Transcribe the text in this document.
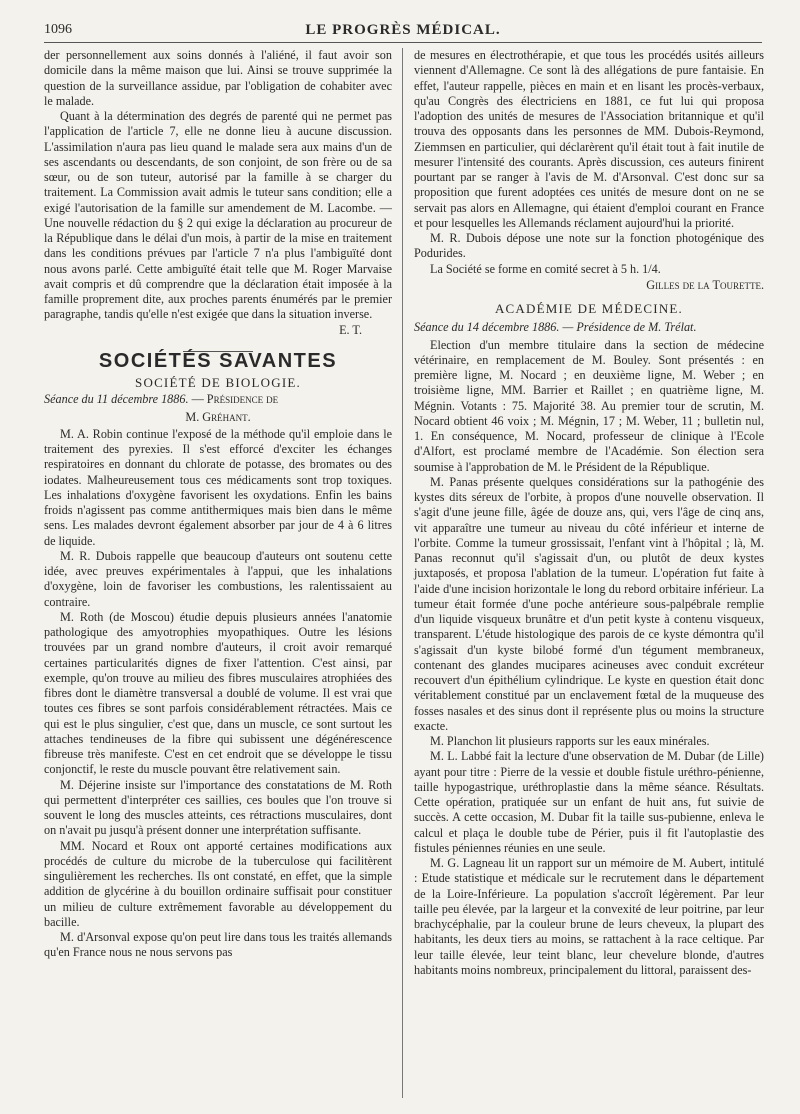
1096	LE PROGRÈS MÉDICAL.

der personnellement aux soins donnés à l'aliéné, il faut avoir son domicile dans la même maison que lui. Ainsi se trouve supprimée la question de la surveillance assidue, par l'obligation de cohabiter avec le malade.

Quant à la détermination des degrés de parenté qui ne permet pas l'application de l'article 7, elle ne donne lieu à aucune discussion. L'assimilation n'aura pas lieu quand le malade sera aux mains d'un de ses ascendants ou descendants, de son conjoint, de son frère ou de sa sœur, ou de son tuteur, autorisé par la famille à se charger du traitement. La Commission avait admis le tuteur sans condition; elle a exigé l'autorisation de la famille sur amendement de M. Lacombe. — Une nouvelle rédaction du § 2 qui exige la déclaration au procureur de la République dans le délai d'un mois, à partir de la mise en traitement dans les conditions prévues par l'article 7 n'a plus l'ambiguïté dont nous avons parlé. Cette ambiguïté était telle que M. Roger Marvaise avait compris et dû comprendre que la déclaration était imposée à la famille proprement dite, aux proches parents énumérés par le premier paragraphe, tandis qu'elle n'est exigée que dans la situation inverse.

E. T.

SOCIÉTÉS SAVANTES
SOCIÉTÉ DE BIOLOGIE.

Séance du 11 décembre 1886. — Présidence de

M. Gréhant.

M. A. Robin continue l'exposé de la méthode qu'il emploie dans le traitement des pyrexies. Il s'est efforcé d'exciter les échanges respiratoires en donnant du chlorate de potasse, des bromates ou des iodates. Malheureusement tous ces médicaments sont trop toxiques. Les inhalations d'oxygène favorisent les oxydations. Enfin les bains froids n'agissent pas comme antithermiques mais bien dans le même sens. Les malades devront également absorber par jour de 4 à 6 litres de liquide.

M. R. Dubois rappelle que beaucoup d'auteurs ont soutenu cette idée, avec preuves expérimentales à l'appui, que les inhalations d'oxygène, loin de favoriser les combustions, les ralentissaient au contraire.

M. Roth (de Moscou) étudie depuis plusieurs années l'anatomie pathologique des amyotrophies myopathiques. Outre les lésions trouvées par un grand nombre d'auteurs, il croit avoir remarqué certaines particularités dignes de fixer l'attention. C'est ainsi, par exemple, qu'on trouve au milieu des fibres musculaires atrophiées des fibres dont le diamètre transversal a doublé de volume. Il est vrai que toutes ces fibres se sont parfois considérablement rétractées. Mais ce qui est le plus singulier, c'est que, dans un muscle, ce sont surtout les attaches tendineuses de la fibre qui subissent une dégénérescence fibreuse très manifeste. C'est en cet endroit que se développe le tissu conjonctif, le reste du muscle pouvant être relativement sain.

M. Déjerine insiste sur l'importance des constatations de M. Roth qui permettent d'interpréter ces saillies, ces boules que l'on trouve si souvent le long des muscles atteints, ces rétractions musculaires, dont on n'avait pu jusqu'à présent donner une interprétation suffisante.

MM. Nocard et Roux ont apporté certaines modifications aux procédés de culture du microbe de la tuberculose qui facilitèrent singulièrement les recherches. Ils ont constaté, en effet, que la simple addition de glycérine à du bouillon ordinaire suffisait pour constituer un milieu de culture extrêmement favorable au développement du bacille.

M. d'Arsonval expose qu'on peut lire dans tous les traités allemands qu'en France nous ne nous servons pas

de mesures en électrothérapie, et que tous les procédés usités ailleurs viennent d'Allemagne. Ce sont là des allégations de pure fantaisie. En effet, l'auteur rappelle, pièces en main et en lisant les procès-verbaux, qu'au Congrès des électriciens en 1881, ce fut lui qui proposa l'adoption des unités de mesures de l'Association britannique et qu'il trouva des opposants dans les personnes de MM. Dubois-Reymond, Ziemmsen en particulier, qui déclarèrent qu'il était tout à fait inutile de mesurer l'intensité des courants. Après discussion, ces auteurs finirent pourtant par se ranger à l'avis de M. d'Arsonval. C'est donc sur sa proposition que furent adoptées ces unités de mesure dont on ne se servait pas alors en Allemagne, qui étaient d'emploi courant en France et pour lesquelles les Allemands réclament aujourd'hui la priorité.

M. R. Dubois dépose une note sur la fonction photogénique des Podurides.

La Société se forme en comité secret à 5 h. 1/4.

Gilles de la Tourette.

ACADÉMIE DE MÉDECINE.

Séance du 14 décembre 1886. — Présidence de M. Trélat.

Election d'un membre titulaire dans la section de médecine vétérinaire, en remplacement de M. Bouley. Sont présentés : en première ligne, M. Nocard ; en deuxième ligne, M. Weber ; en troisième ligne, MM. Barrier et Raillet ; en quatrième ligne, M. Mégnin. Votants : 75. Majorité 38. Au premier tour de scrutin, M. Nocard obtient 46 voix ; M. Mégnin, 17 ; M. Weber, 11 ; bulletin nul, 1. En conséquence, M. Nocard, professeur de clinique à l'Ecole d'Alfort, est proclamé membre de l'Académie. Son élection sera soumise à l'approbation de M. le Président de la République.

M. Panas présente quelques considérations sur la pathogénie des kystes dits séreux de l'orbite, à propos d'une nouvelle observation. Il s'agit d'une jeune fille, âgée de douze ans, qui, vers l'âge de cinq ans, vit apparaître une tumeur au niveau du côté inférieur et interne de l'orbite. Comme la tumeur grossissait, l'enfant vint à l'hôpital ; là, M. Panas reconnut qu'il s'agissait d'un, ou plutôt de deux kystes juxtaposés, et proposa l'ablation de la tumeur. L'opération fut faite à l'aide d'une incision horizontale le long du rebord orbitaire inférieur. La tumeur était formée d'une poche antérieure sous-palpébrale remplie d'un liquide visqueux brunâtre et d'un petit kyste à contenu visqueux, transparent. L'étude histologique des parois de ce kyste démontra qu'il s'agissait d'un kyste bilobé formé d'un tégument membraneux, contenant des glandes mucipares acineuses avec conduit excréteur recouvert d'un épithélium cylindrique. Le kyste en question était donc véritablement constitué par un enclavement fœtal de la muqueuse des fosses nasales et des sinus dont il représente plus ou moins la structure exacte.

M. Planchon lit plusieurs rapports sur les eaux minérales.

M. L. Labbé fait la lecture d'une observation de M. Dubar (de Lille) ayant pour titre : Pierre de la vessie et double fistule uréthro-pénienne, taille hypogastrique, uréthroplastie dans la même séance. Résultats. Cette opération, pratiquée sur un enfant de huit ans, fut suivie de succès. A cette occasion, M. Dubar fit la taille sus-pubienne, enleva le calcul et plaça le double tube de Périer, puis il fit l'autoplastie des fistules péniennes réunies en une seule.

M. G. Lagneau lit un rapport sur un mémoire de M. Aubert, intitulé : Etude statistique et médicale sur le recrutement dans le département de la Loire-Inférieure. La population s'accroît légèrement. Par leur taille peu élevée, par la largeur et la convexité de leur poitrine, par leur brachycéphalie, par la couleur brune de leurs cheveux, la plupart des habitants, les deux tiers au moins, se rattachent à la race celtique. Par leur taille élevée, leur teint blanc, leur chevelure blonde, d'autres habitants moins nombreux, principalement du littoral, paraissent des-
